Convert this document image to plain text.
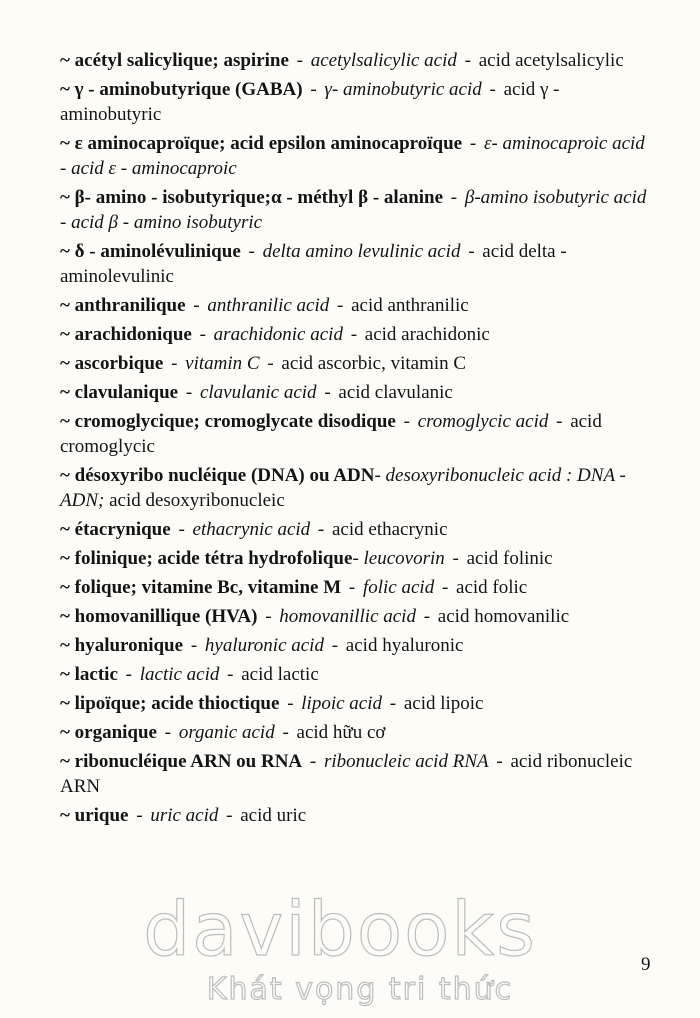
~ acétyl salicylique; aspirine - acetylsalicylic acid - acid acetylsalicylic

~ γ - aminobutyrique (GABA) - γ- aminobutyric acid - acid γ - aminobutyric

~ ε aminocaproïque; acid epsilon aminocaproïque - ε- aminocaproic acid - acid ε - aminocaproic

~ β- amino - isobutyrique;α - méthyl β - alanine - β-amino isobutyric acid - acid β - amino isobutyric

~ δ - aminolévulinique - delta amino levulinic acid - acid delta - aminolevulinic

~ anthranilique - anthranilic acid - acid anthranilic

~ arachidonique - arachidonic acid - acid arachidonic

~ ascorbique - vitamin C - acid ascorbic, vitamin C

~ clavulanique - clavulanic acid - acid clavulanic

~ cromoglycique; cromoglycate disodique - cromoglycic acid - acid cromoglycic

~ désoxyribo nucléique (DNA) ou ADN- desoxyribonucleic acid : DNA - ADN; acid desoxyribonucleic

~ étacrynique - ethacrynic acid - acid ethacrynic

~ folinique; acide tétra hydrofolique- leucovorin - acid folinic

~ folique; vitamine Bc, vitamine M - folic acid - acid folic

~ homovanillique (HVA) - homovanillic acid - acid homovanilic

~ hyaluronique - hyaluronic acid - acid hyaluronic

~ lactic - lactic acid - acid lactic

~ lipoïque; acide thioctique - lipoic acid - acid lipoic

~ organique - organic acid - acid hữu cơ

~ ribonucléique ARN ou RNA - ribonucleic acid RNA - acid ribonucleic ARN

~ urique - uric acid - acid uric

davibooks
Khát vọng tri thức
9
